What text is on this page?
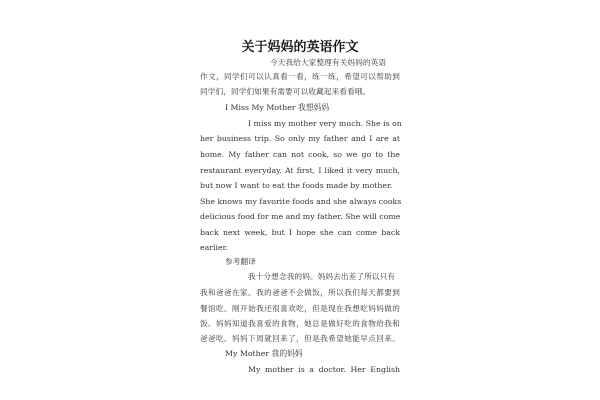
关于妈妈的英语作文
今天我给大家整理有关妈妈的英语
作文，同学们可以认真看一看，练一练，希望可以帮助到
同学们，同学们如果有需要可以收藏起来看看哦。
I Miss My Mother 我想妈妈
I miss my mother very much. She is on
her business trip. So only my father and I are at
home. My father can not cook, so we go to the
restaurant everyday. At first, I liked it very much,
but now I want to eat the foods made by mother.
She knows my favorite foods and she always cooks
delicious food for me and my father. She will come
back next week, but I hope she can come back
earlier.
参考翻译
我十分想念我的妈。妈妈去出差了所以只有
我和爸爸在家。我的爸爸不会做饭，所以我们每天都要到
餐馆吃。刚开始我还很喜欢吃，但是现在我想吃妈妈做的
饭。妈妈知道我喜爱的食物，她总是做好吃的食物给我和
爸爸吃。妈妈下周就回来了，但是我希望她能早点回来。
My Mother 我的妈妈
My mother is a doctor. Her English
